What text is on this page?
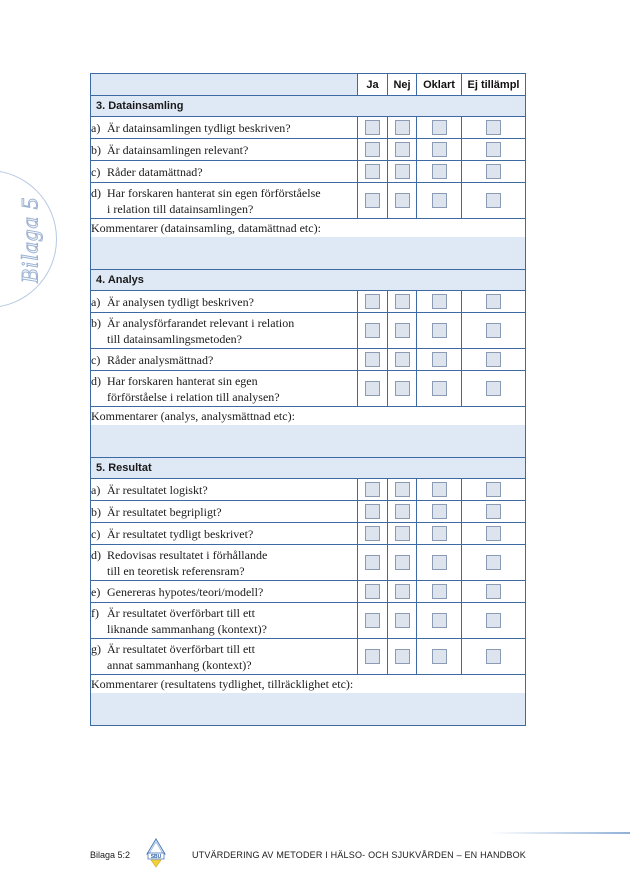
Bilaga 5
	Ja	Nej	Oklart	Ej tillämpl
3. Datainsamling				

a) Är datainsamlingen tydligt beskriven?				

b) Är datainsamlingen relevant?				

c) Råder datamättnad?				

d) Har forskaren hanterat sin egen förförståelse
i relation till datainsamlingen?				

Kommentarer (datainsamling, datamättnad etc):				

4. Analys				

a) Är analysen tydligt beskriven?				

b) Är analysförfarandet relevant i relation
till datainsamlingsmetoden?				

c) Råder analysmättnad?				

d) Har forskaren hanterat sin egen
förförståelse i relation till analysen?				

Kommentarer (analys, analysmättnad etc):				

5. Resultat				

a) Är resultatet logiskt?				

b) Är resultatet begripligt?				

c) Är resultatet tydligt beskrivet?				

d) Redovisas resultatet i förhållande
till en teoretisk referensram?				

e) Genereras hypotes/teori/modell?				

f) Är resultatet överförbart till ett
liknande sammanhang (kontext)?				

g) Är resultatet överförbart till ett
annat sammanhang (kontext)?				

Kommentarer (resultatens tydlighet, tillräcklighet etc):				

Bilaga 5:2	SBU	UTVÄRDERING AV METODER I HÄLSO- OCH SJUKVÅRDEN – EN HANDBOK
